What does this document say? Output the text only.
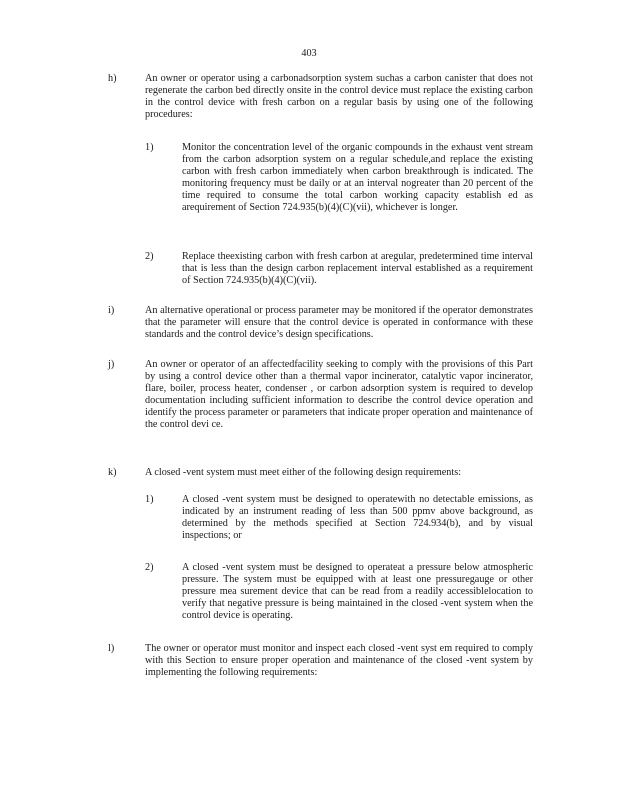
403
h)	An owner or operator using a carbonadsorption system suchas a carbon canister that does not regenerate the carbon bed directly onsite in the control device must replace the existing carbon in the control device with fresh carbon on a regular basis by using one of the following procedures:
1)	Monitor the concentration level of the organic compounds in the exhaust vent stream from the carbon adsorption system on a regular schedule,and replace the existing carbon with fresh carbon immediately when carbon breakthrough is indicated. The monitoring frequency must be daily or at an interval nogreater than 20 percent of the time required to consume the total carbon working capacity establish ed as arequirement of Section 724.935(b)(4)(C)(vii), whichever is longer.
2)	Replace theexisting carbon with fresh carbon at aregular, predetermined time interval that is less than the design carbon replacement interval established as a requirement of Section 724.935(b)(4)(C)(vii).
i)	An alternative operational or process parameter may be monitored if the operator demonstrates that the parameter will ensure that the control device is operated in conformance with these standards and the control device’s design specifications.
j)	An owner or operator of an affectedfacility seeking to comply with the provisions of this Part by using a control device other than a thermal vapor incinerator, catalytic vapor incinerator, flare, boiler, process heater, condenser , or carbon adsorption system is required to develop documentation including sufficient information to describe the control device operation and identify the process parameter or parameters that indicate proper operation and maintenance of the control devi ce.
k)	A closed -vent system must meet either of the following design requirements:
1)	A closed -vent system must be designed to operatewith no detectable emissions, as indicated by an instrument reading of less than 500 ppmv above background, as determined by the methods specified at Section 724.934(b), and by visual inspections; or
2)	A closed -vent system must be designed to operateat a pressure below atmospheric pressure. The system must be equipped with at least one pressuregauge or other pressure mea surement device that can be read from a readily accessiblelocation to verify that negative pressure is being maintained in the closed -vent system when the control device is operating.
l)	The owner or operator must monitor and inspect each closed -vent syst em required to comply with this Section to ensure proper operation and maintenance of the closed -vent system by implementing the following requirements:
